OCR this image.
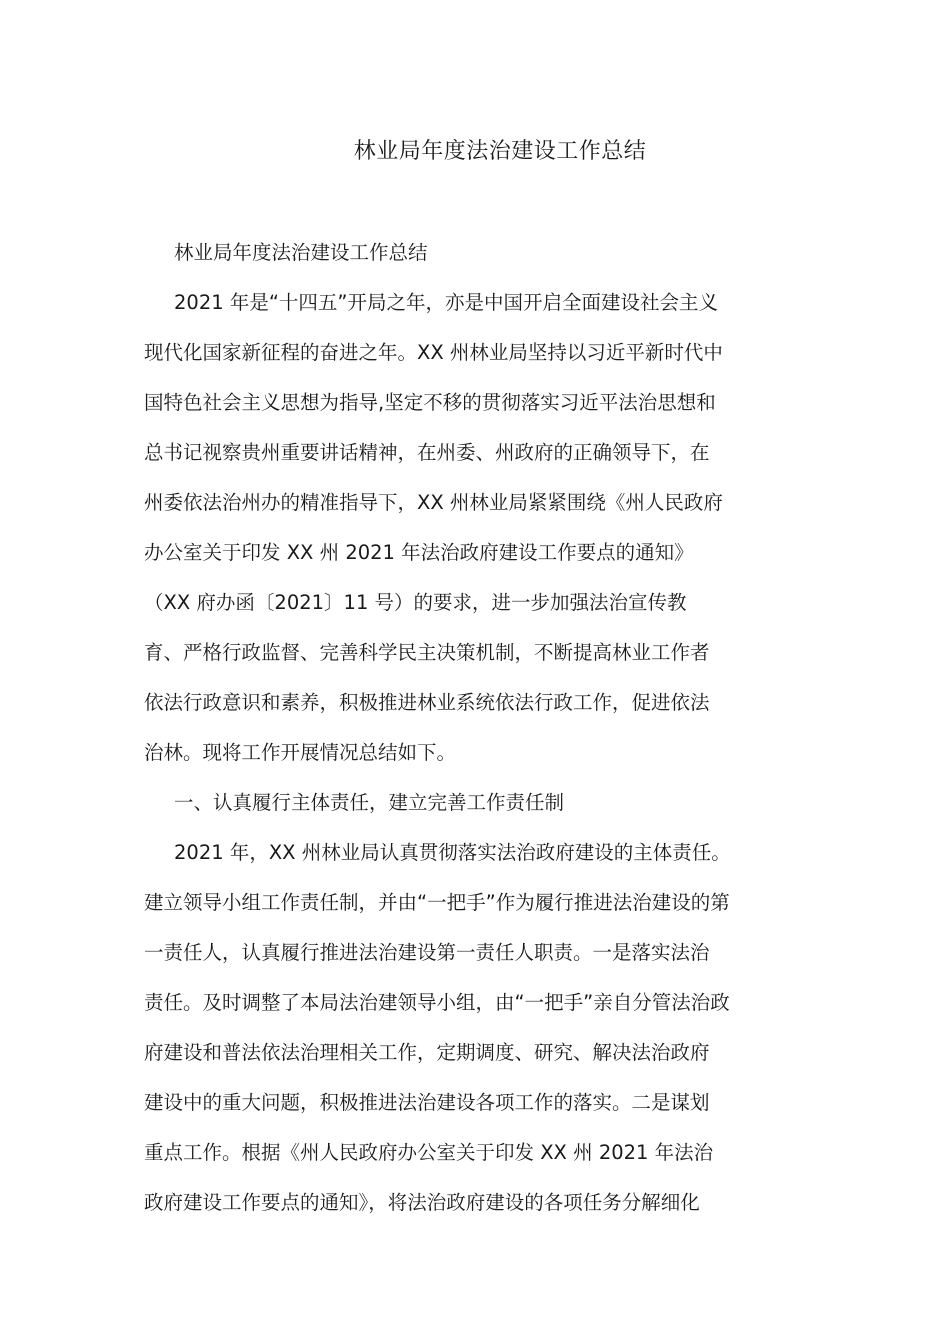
林业局年度法治建设工作总结
林业局年度法治建设工作总结
2021 年是“十四五”开局之年，亦是中国开启全面建设社会主义
现代化国家新征程的奋进之年。XX 州林业局坚持以习近平新时代中
国特色社会主义思想为指导,坚定不移的贯彻落实习近平法治思想和
总书记视察贵州重要讲话精神，在州委、州政府的正确领导下，在
州委依法治州办的精准指导下，XX 州林业局紧紧围绕《州人民政府
办公室关于印发 XX 州 2021 年法治政府建设工作要点的通知》
（XX 府办函〔2021〕11 号）的要求，进一步加强法治宣传教
育、严格行政监督、完善科学民主决策机制，不断提高林业工作者
依法行政意识和素养，积极推进林业系统依法行政工作，促进依法
治林。现将工作开展情况总结如下。
一、认真履行主体责任，建立完善工作责任制
2021 年，XX 州林业局认真贯彻落实法治政府建设的主体责任。
建立领导小组工作责任制，并由“一把手”作为履行推进法治建设的第
一责任人，认真履行推进法治建设第一责任人职责。一是落实法治
责任。及时调整了本局法治建领导小组，由“一把手”亲自分管法治政
府建设和普法依法治理相关工作，定期调度、研究、解决法治政府
建设中的重大问题，积极推进法治建设各项工作的落实。二是谋划
重点工作。根据《州人民政府办公室关于印发 XX 州 2021 年法治
政府建设工作要点的通知》，将法治政府建设的各项任务分解细化
